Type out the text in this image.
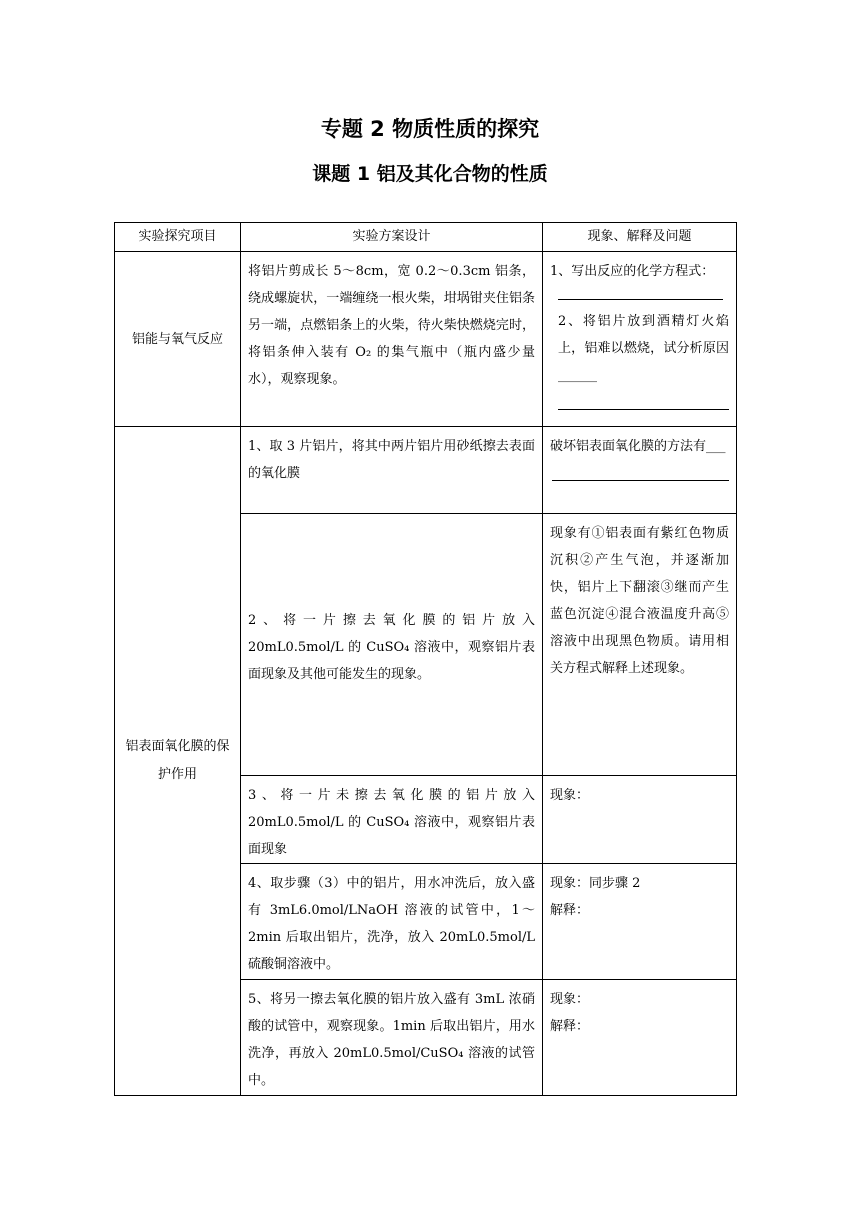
专题 2 物质性质的探究
课题 1 铝及其化合物的性质
实验探究项目	实验方案设计	现象、解释及问题
铝能与氧气反应	将铝片剪成长 5～8cm，宽 0.2～0.3cm 铝条，绕成螺旋状，一端缠绕一根火柴，坩埚钳夹住铝条另一端，点燃铝条上的火柴，待火柴快燃烧完时，将铝条伸入装有 O₂ 的集气瓶中（瓶内盛少量水），观察现象。	1、写出反应的化学方程式：
2、将铝片放到酒精灯火焰上，铝难以燃烧，试分析原因______

铝表面氧化膜的保护作用	1、取 3 片铝片，将其中两片铝片用砂纸擦去表面的氧化膜	破坏铝表面氧化膜的方法有___

	2、将一片擦去氧化膜的铝片放入 20mL0.5mol/L 的 CuSO₄ 溶液中，观察铝片表面现象及其他可能发生的现象。	现象有①铝表面有紫红色物质沉积②产生气泡，并逐渐加快，铝片上下翻滚③继而产生蓝色沉淀④混合液温度升高⑤溶液中出现黑色物质。请用相关方程式解释上述现象。
	3、将一片未擦去氧化膜的铝片放入 20mL0.5mol/L 的 CuSO₄ 溶液中，观察铝片表面现象	现象：
	4、取步骤（3）中的铝片，用水冲洗后，放入盛有 3mL6.0mol/LNaOH 溶液的试管中，1～2min 后取出铝片，洗净，放入 20mL0.5mol/L 硫酸铜溶液中。	现象：同步骤 2
解释：

	5、将另一擦去氧化膜的铝片放入盛有 3mL 浓硝酸的试管中，观察现象。1min 后取出铝片，用水洗净，再放入 20mL0.5mol/CuSO₄ 溶液的试管中。	现象：
解释：
